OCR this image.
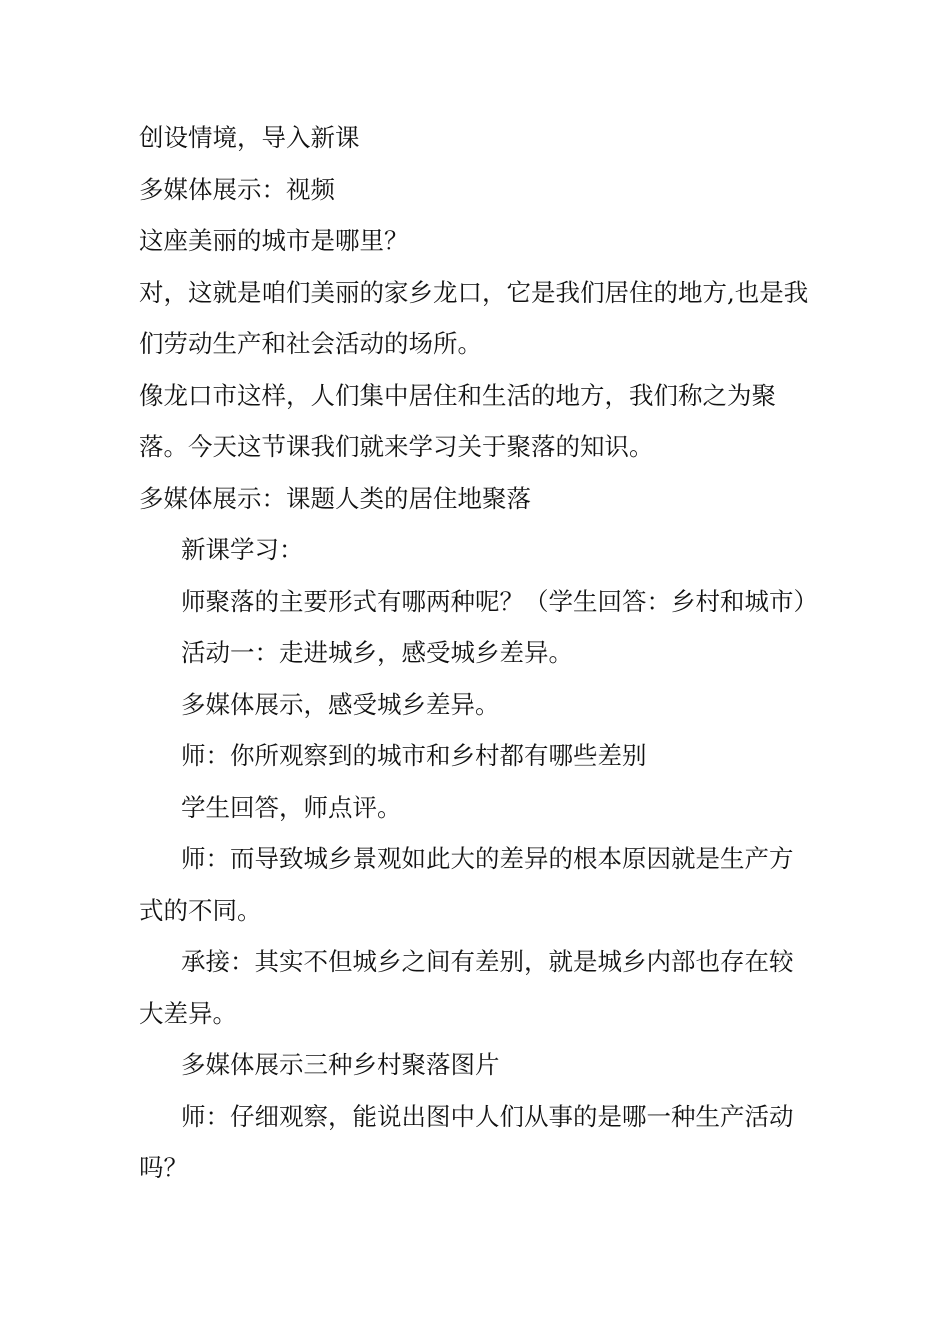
创设情境，导入新课

多媒体展示：视频

这座美丽的城市是哪里？

对，这就是咱们美丽的家乡龙口，它是我们居住的地方,也是我们劳动生产和社会活动的场所。

像龙口市这样，人们集中居住和生活的地方，我们称之为聚落。今天这节课我们就来学习关于聚落的知识。

多媒体展示：课题人类的居住地聚落

新课学习：

师聚落的主要形式有哪两种呢？（学生回答：乡村和城市）

活动一：走进城乡，感受城乡差异。

多媒体展示，感受城乡差异。

师：你所观察到的城市和乡村都有哪些差别

学生回答，师点评。

师：而导致城乡景观如此大的差异的根本原因就是生产方式的不同。

承接：其实不但城乡之间有差别，就是城乡内部也存在较大差异。

多媒体展示三种乡村聚落图片

师：仔细观察，能说出图中人们从事的是哪一种生产活动吗？
